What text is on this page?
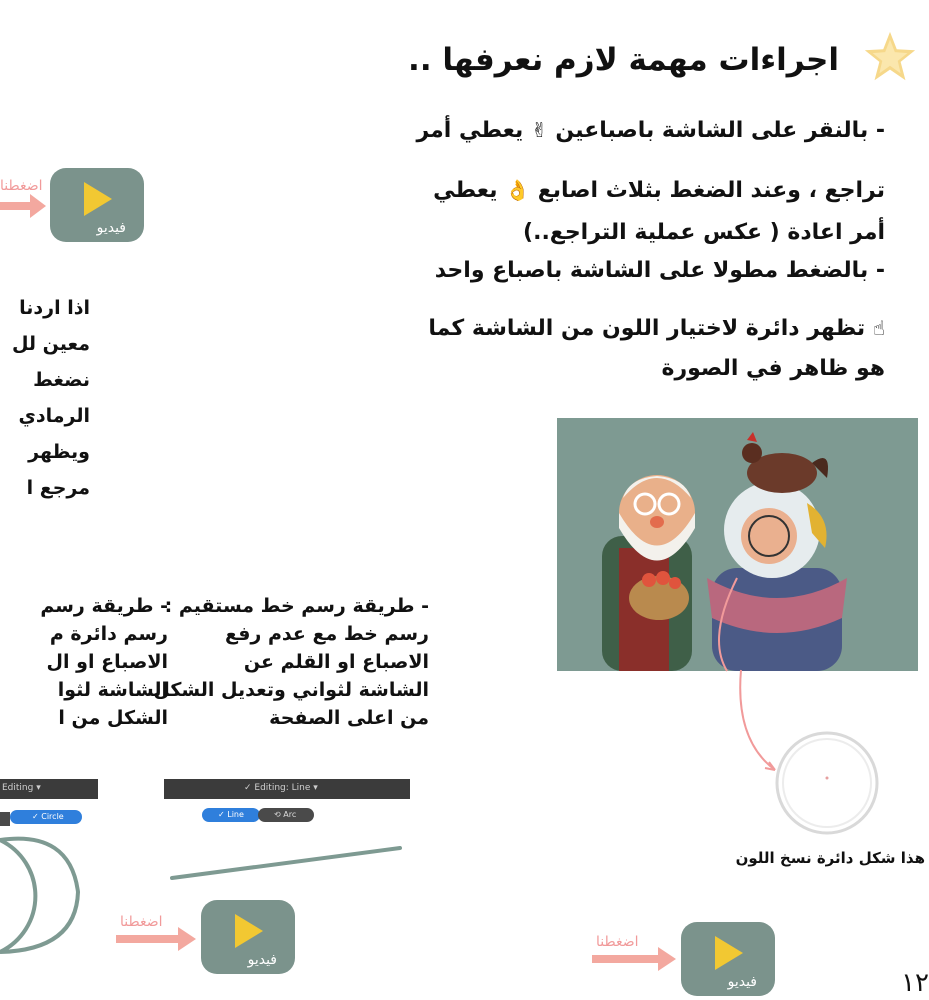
اجراءات مهمة لازم نعرفها ..
- بالنقر على الشاشة باصباعين ✌ يعطي أمر
تراجع ، وعند الضغط بثلاث اصابع 👌 يعطي
أمر اعادة ( عكس عملية التراجع..)
- بالضغط مطولا على الشاشة باصباع واحد
☝ تظهر دائرة لاختيار اللون من الشاشة كما
هو ظاهر في الصورة
هذا شكل دائرة نسخ اللون
اضغطنا
فيديو
اذا اردنا
معين لل
نضغط
الرمادي
ويظهر
مرجع ا
- طريقة رسم خط مستقيم :
رسم خط مع عدم رفع
الاصباع او القلم عن
الشاشة لثواني وتعديل الشكل
من اعلى الصفحة
✓ Editing: Line ▾
✓ Line	⟲ Arc
- طريقة رسم
رسم دائرة م
الاصباع او ال
الشاشة لثوا
الشكل من ا
Editing ▾
✓ Circle
اضغطنا
فيديو
اضغطنا
فيديو	١٢
